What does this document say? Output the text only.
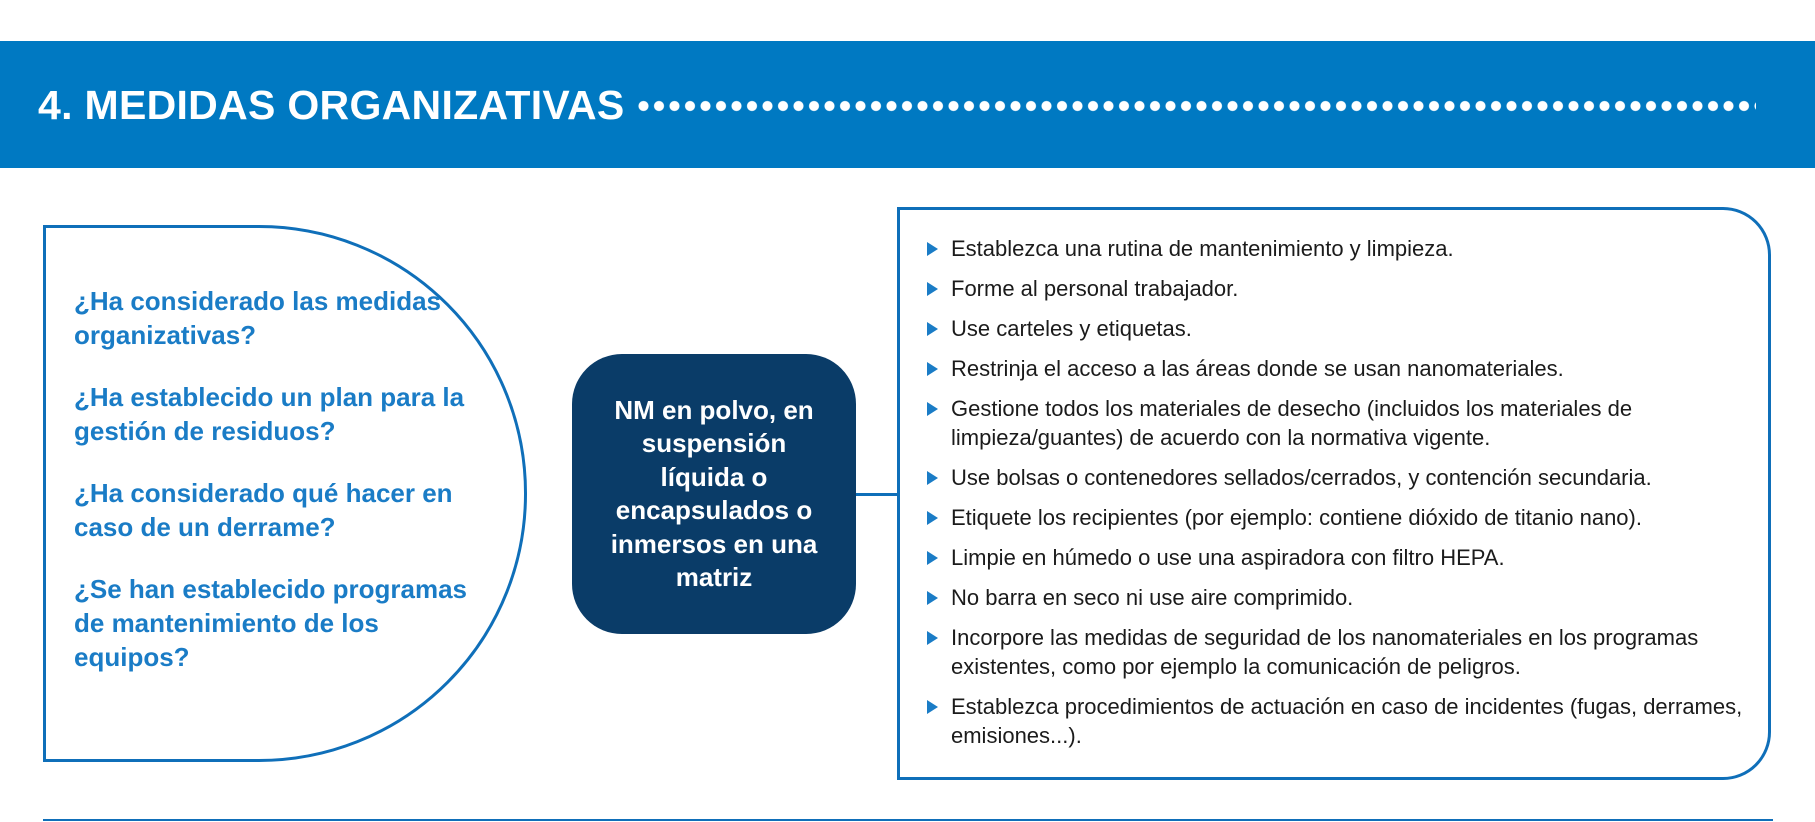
4. MEDIDAS ORGANIZATIVAS
¿Ha considerado las medidas organizativas?
¿Ha establecido un plan para la gestión de residuos?
¿Ha considerado qué hacer en caso de un derrame?
¿Se han establecido programas de mantenimiento de los equipos?
NM en polvo, en suspensión líquida o encapsulados o inmersos en una matriz
Establezca una rutina de mantenimiento y limpieza.
Forme al personal trabajador.
Use carteles y etiquetas.
Restrinja el acceso a las áreas donde se usan nanomateriales.
Gestione todos los materiales de desecho (incluidos los materiales de limpieza/guantes) de acuerdo con la normativa vigente.
Use bolsas o contenedores sellados/cerrados, y contención secundaria.
Etiquete los recipientes (por ejemplo: contiene dióxido de titanio nano).
Limpie en húmedo o use una aspiradora con filtro HEPA.
No barra en seco ni use aire comprimido.
Incorpore las medidas de seguridad de los nanomateriales en los programas existentes, como por ejemplo la comunicación de peligros.
Establezca procedimientos de actuación en caso de incidentes (fugas, derrames, emisiones...).
